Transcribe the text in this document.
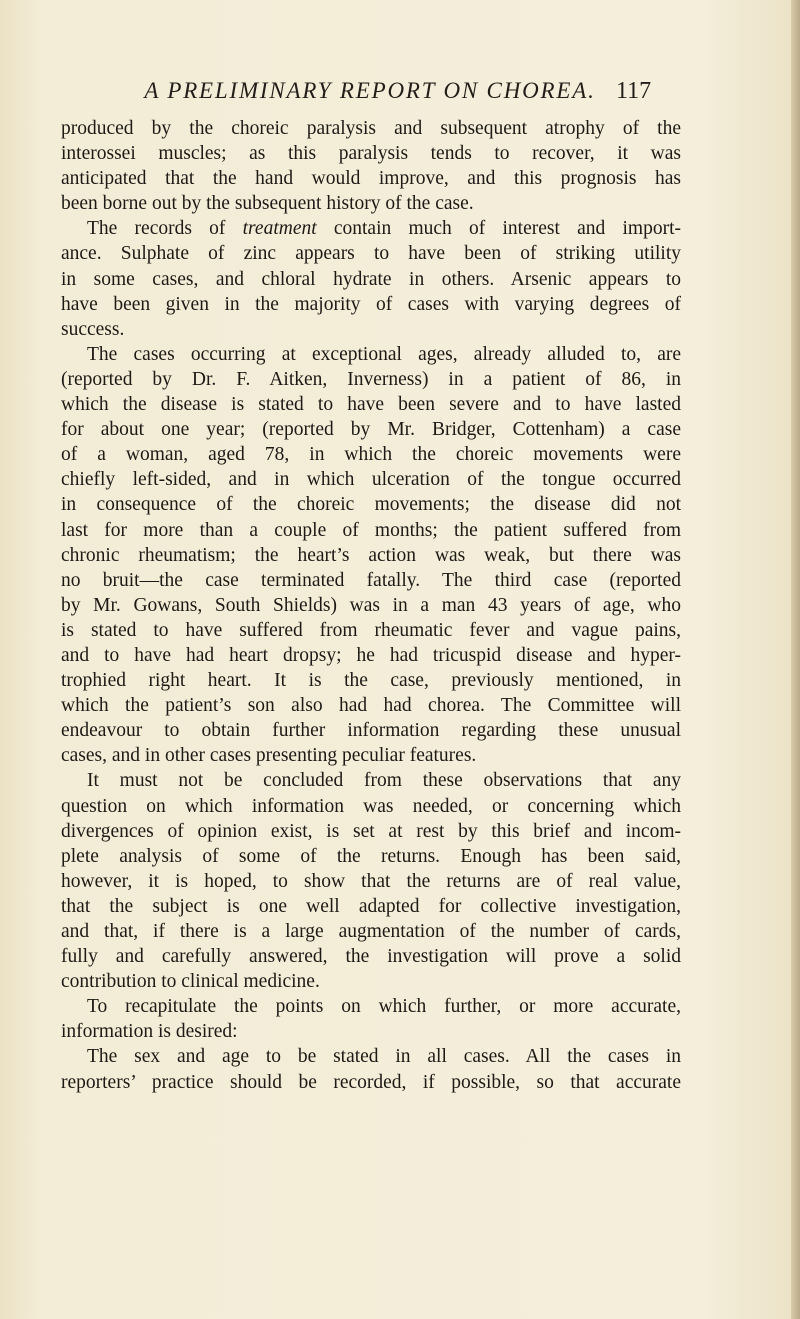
A PRELIMINARY REPORT ON CHOREA. 117
produced by the choreic paralysis and subsequent atrophy of the
interossei muscles; as this paralysis tends to recover, it was
anticipated that the hand would improve, and this prognosis has
been borne out by the subsequent history of the case.
The records of treatment contain much of interest and import-
ance. Sulphate of zinc appears to have been of striking utility
in some cases, and chloral hydrate in others. Arsenic appears to
have been given in the majority of cases with varying degrees of
success.
The cases occurring at exceptional ages, already alluded to, are
(reported by Dr. F. Aitken, Inverness) in a patient of 86, in
which the disease is stated to have been severe and to have lasted
for about one year; (reported by Mr. Bridger, Cottenham) a case
of a woman, aged 78, in which the choreic movements were
chiefly left-sided, and in which ulceration of the tongue occurred
in consequence of the choreic movements; the disease did not
last for more than a couple of months; the patient suffered from
chronic rheumatism; the heart’s action was weak, but there was
no bruit—the case terminated fatally. The third case (reported
by Mr. Gowans, South Shields) was in a man 43 years of age, who
is stated to have suffered from rheumatic fever and vague pains,
and to have had heart dropsy; he had tricuspid disease and hyper-
trophied right heart. It is the case, previously mentioned, in
which the patient’s son also had had chorea. The Committee will
endeavour to obtain further information regarding these unusual
cases, and in other cases presenting peculiar features.
It must not be concluded from these observations that any
question on which information was needed, or concerning which
divergences of opinion exist, is set at rest by this brief and incom-
plete analysis of some of the returns. Enough has been said,
however, it is hoped, to show that the returns are of real value,
that the subject is one well adapted for collective investigation,
and that, if there is a large augmentation of the number of cards,
fully and carefully answered, the investigation will prove a solid
contribution to clinical medicine.
To recapitulate the points on which further, or more accurate,
information is desired:
The sex and age to be stated in all cases. All the cases in
reporters’ practice should be recorded, if possible, so that accurate
